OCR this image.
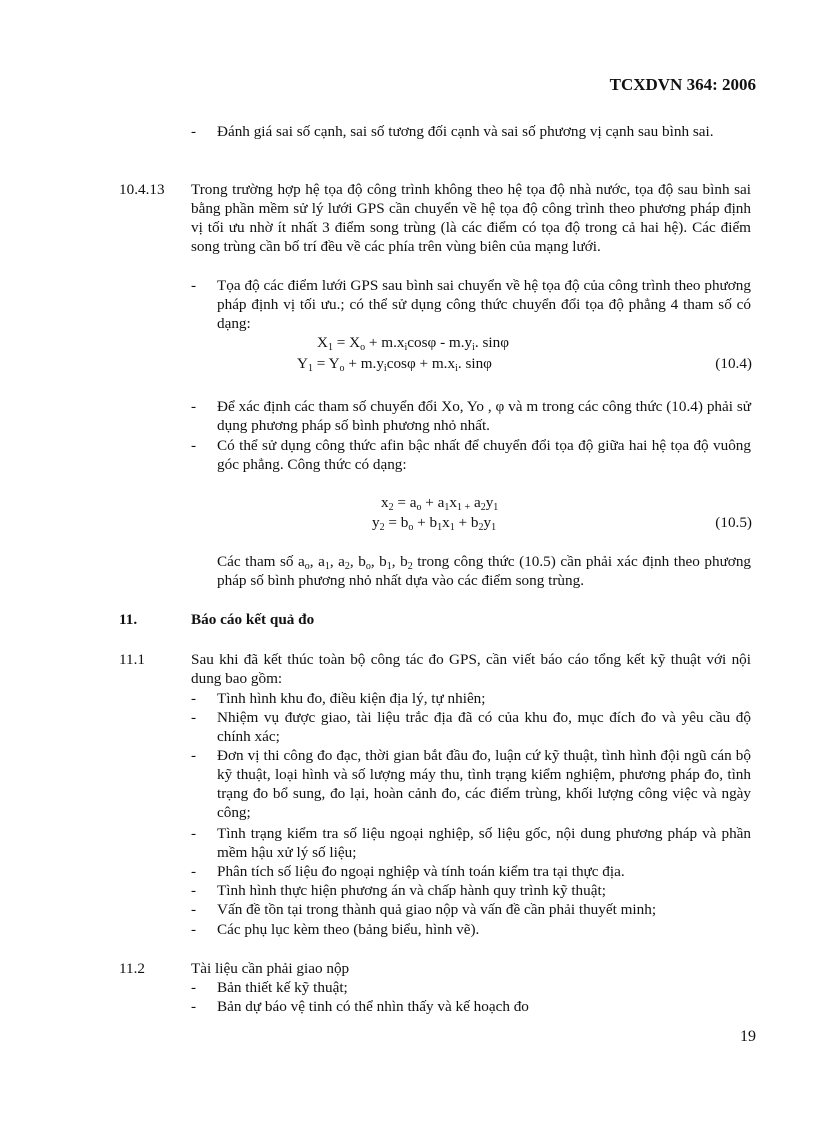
TCXDVN 364: 2006
- Đánh giá sai số cạnh, sai số tương đối cạnh và sai số phương vị cạnh sau bình sai.
10.4.13 Trong trường hợp hệ tọa độ công trình không theo hệ tọa độ nhà nước, tọa độ sau bình sai bằng phần mềm sử lý lưới GPS cần chuyển về hệ tọa độ công trình theo phương pháp định vị tối ưu nhờ ít nhất 3 điểm song trùng (là các điểm có tọa độ trong cả hai hệ). Các điểm song trùng cần bố trí đều về các phía trên vùng biên của mạng lưới.
- Tọa độ các điểm lưới GPS sau bình sai chuyển về hệ tọa độ của công trình theo phương pháp định vị tối ưu.; có thể sử dụng công thức chuyển đổi tọa độ phẳng 4 tham số có dạng:
$X_1 = X_o + m.x_i\cos\varphi - m.y_i$. sinφ
$Y_1 = Y_o + m.y_i\cos\varphi + m.x_i$. sinφ	(10.4)
- Để xác định các tham số chuyển đổi Xo, Yo , φ và m trong các công thức (10.4) phải sử dụng phương pháp số bình phương nhỏ nhất.
- Có thể sử dụng công thức afin bậc nhất để chuyển đổi tọa độ giữa hai hệ tọa độ vuông góc phẳng. Công thức có dạng:
$x_2 = a_o + a_1x_{1 +}$ $a_2y_1$
$y_2 = b_o + b_1x_1 + b_2y_1$	(10.5)
Các tham số $a_o$, $a_1$, $a_2$, $b_o$, $b_1$, $b_2$ trong công thức (10.5) cần phải xác định theo phương pháp số bình phương nhỏ nhất dựa vào các điểm song trùng.
11.	Báo cáo kết quả đo
11.1	Sau khi đã kết thúc toàn bộ công tác đo GPS, cần viết báo cáo tổng kết kỹ thuật với nội dung bao gồm:
- Tình hình khu đo, điều kiện địa lý, tự nhiên;
- Nhiệm vụ được giao, tài liệu trắc địa đã có của khu đo, mục đích đo và yêu cầu độ chính xác;
- Đơn vị thi công đo đạc, thời gian bắt đầu đo, luận cứ kỹ thuật, tình hình đội ngũ cán bộ kỹ thuật, loại hình và số lượng máy thu, tình trạng kiểm nghiệm, phương pháp đo, tình trạng đo bổ sung, đo lại, hoàn cảnh đo, các điểm trùng, khối lượng công việc và ngày công;
- Tình trạng kiểm tra số liệu ngoại nghiệp, số liệu gốc, nội dung phương pháp và phần mềm hậu xử lý số liệu;
- Phân tích số liệu đo ngoại nghiệp và tính toán kiểm tra tại thực địa.
- Tình hình thực hiện phương án và chấp hành quy trình kỹ thuật;
- Vấn đề tồn tại trong thành quả giao nộp và vấn đề cần phải thuyết minh;
- Các phụ lục kèm theo (bảng biểu, hình vẽ).
11.2	Tài liệu cần phải giao nộp
- Bản thiết kế kỹ thuật;
- Bản dự báo vệ tinh có thể nhìn thấy và kế hoạch đo
19
